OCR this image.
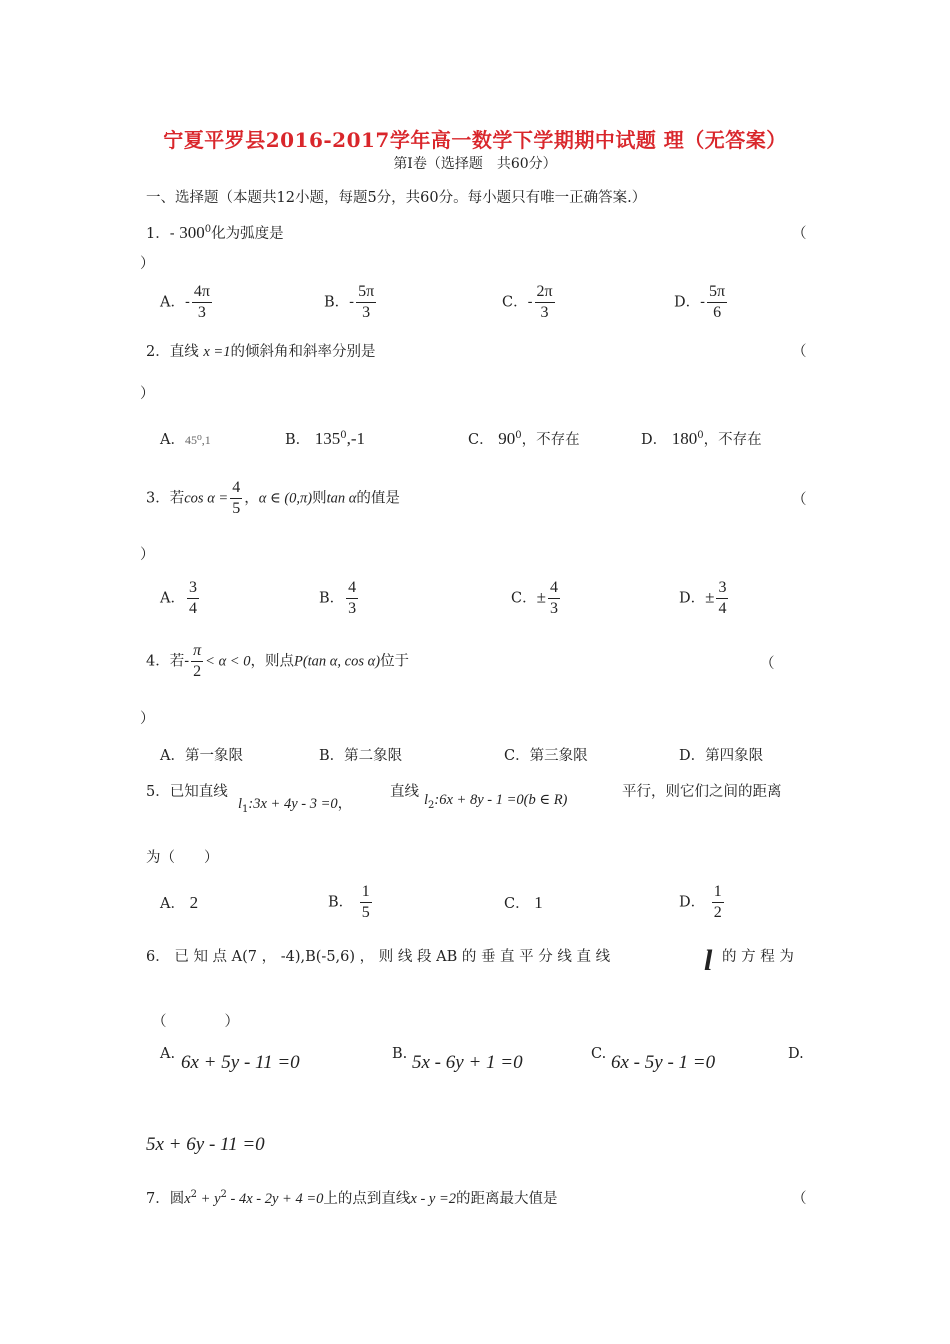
宁夏平罗县2016-2017学年高一数学下学期期中试题 理（无答案）
第Ⅰ卷（选择题　共60分）
一、选择题（本题共12小题，每题5分，共60分。每小题只有唯一正确答案.）
1．- $300^0$化为弧度是	（
）
A．- $\frac{4\pi}{3}$	B．- $\frac{5\pi}{3}$	C．- $\frac{2\pi}{3}$	D．- $\frac{5\pi}{6}$
2．直线 x =1的倾斜角和斜率分别是	（
）
A．45⁰,1	B． $135^0,-1$	C． $90^0$，不存在	D． $180^0$，不存在
3．若$\cos \alpha = \frac{4}{5}$ ，α ∈ (0,π)则tan α的值是	（
）
A． $\frac{3}{4}$	B． $\frac{4}{3}$	C．± $\frac{4}{3}$	D．± $\frac{3}{4}$
4．若- $\frac{\pi}{2} < \alpha < 0$，则点P(tan α, cos α)位于	（
）
A．第一象限	B．第二象限	C．第三象限	D．第四象限
5．已知直线
$l_1:3x + 4y - 3 =0$，
直线 $l_2:6x + 8y - 1 =0(b$ ∈ R)	平行，则它们之间的距离
为（　　）
A． 2	B． $\frac{1}{5}$	C． 1	D． $\frac{1}{2}$
6． 已 知 点 A(7 ， -4),B(-5,6) ， 则 线 段 AB 的 垂 直 平 分 线 直 线	l 的 方 程 为
（　　　　）
A. 6x + 5y - 11 =0	B. 5x - 6y + 1 =0	C. 6x - 5y - 1 =0	D.
5x + 6y - 11 =0
7．圆$x^2 + y^2 - 4x - 2y + 4 =0$上的点到直线x - y =2的距离最大值是	（
